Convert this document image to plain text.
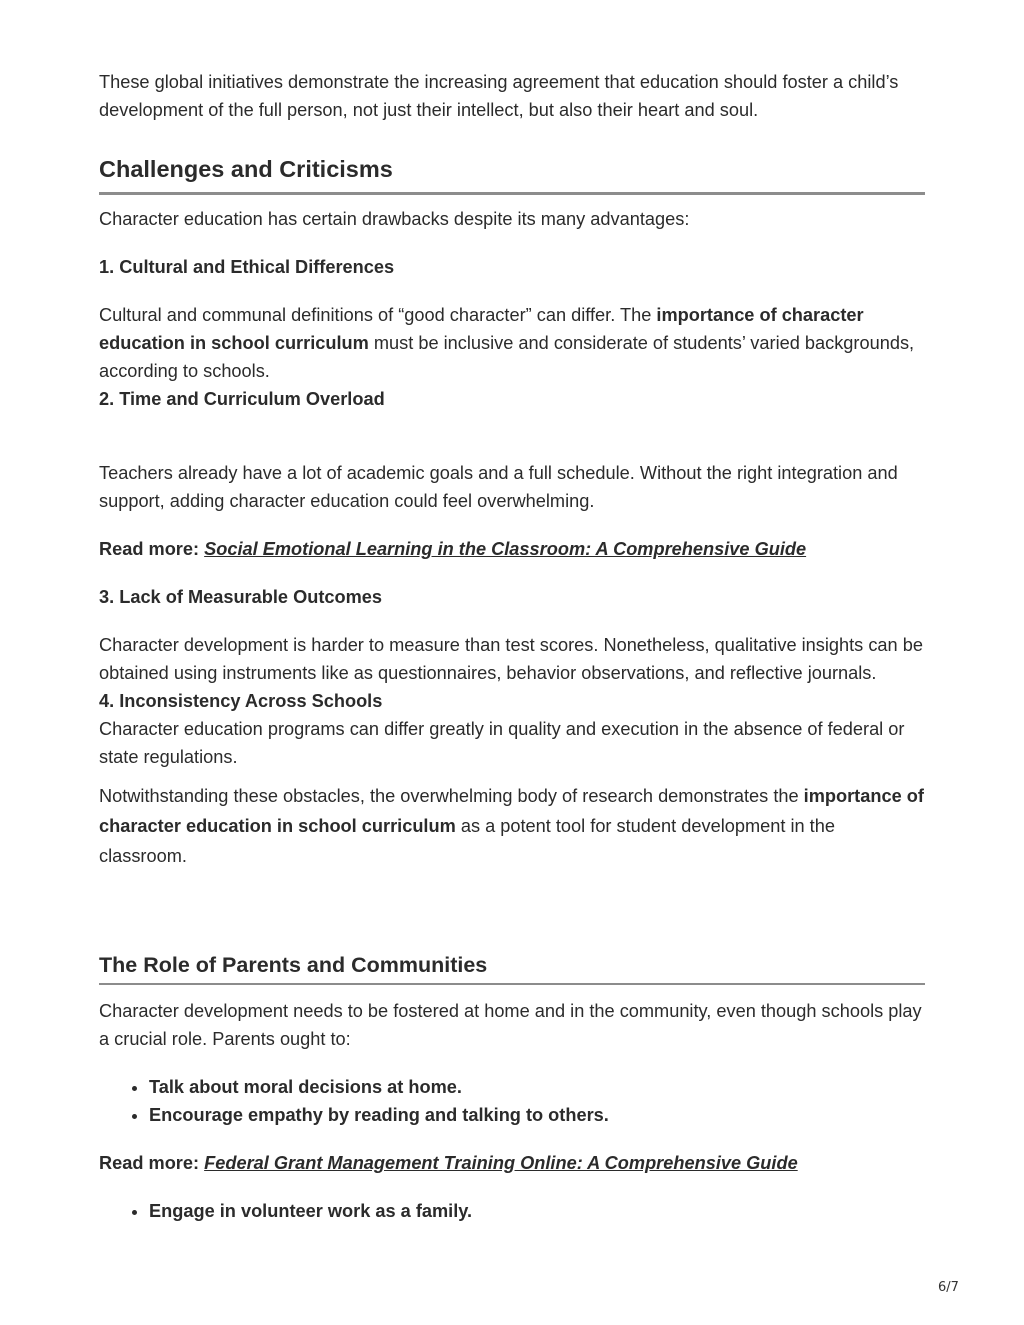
These global initiatives demonstrate the increasing agreement that education should foster a child’s development of the full person, not just their intellect, but also their heart and soul.

Challenges and Criticisms

Character education has certain drawbacks despite its many advantages:

1. Cultural and Ethical Differences

Cultural and communal definitions of “good character” can differ. The importance of character education in school curriculum must be inclusive and considerate of students’ varied backgrounds, according to schools.

2. Time and Curriculum Overload

Teachers already have a lot of academic goals and a full schedule. Without the right integration and support, adding character education could feel overwhelming.

Read more: Social Emotional Learning in the Classroom: A Comprehensive Guide

3. Lack of Measurable Outcomes

Character development is harder to measure than test scores. Nonetheless, qualitative insights can be obtained using instruments like as questionnaires, behavior observations, and reflective journals.

4. Inconsistency Across Schools

Character education programs can differ greatly in quality and execution in the absence of federal or state regulations.

Notwithstanding these obstacles, the overwhelming body of research demonstrates the importance of character education in school curriculum as a potent tool for student development in the classroom.

The Role of Parents and Communities

Character development needs to be fostered at home and in the community, even though schools play a crucial role. Parents ought to:

• Talk about moral decisions at home.
• Encourage empathy by reading and talking to others.

Read more: Federal Grant Management Training Online: A Comprehensive Guide

• Engage in volunteer work as a family.
6/7
